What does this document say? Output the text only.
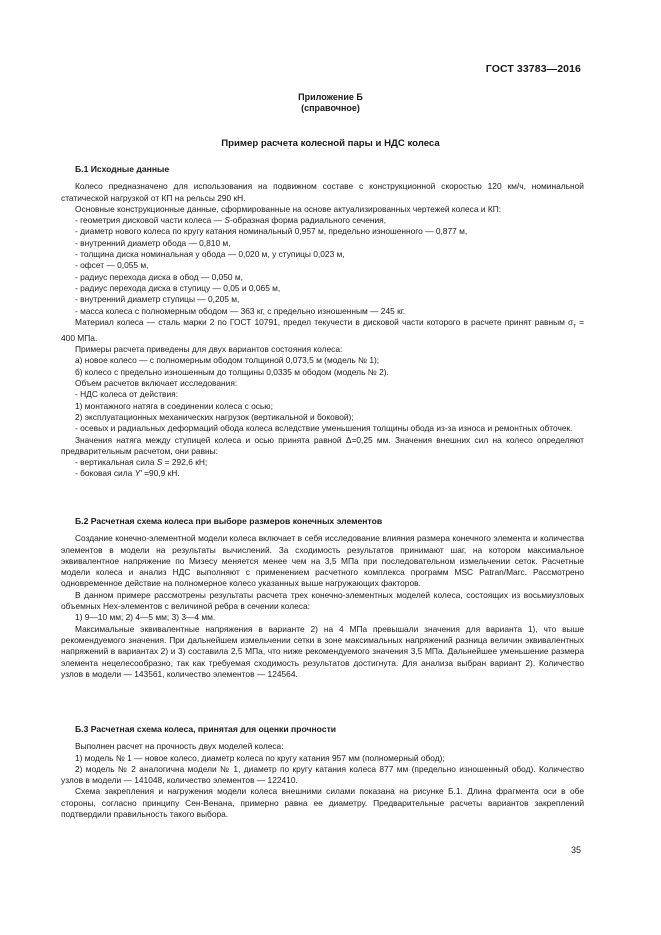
ГОСТ 33783—2016
Приложение Б
(справочное)
Пример расчета колесной пары и НДС колеса

Б.1 Исходные данные

Колесо предназначено для использования на подвижном составе с конструкционной скоростью 120 км/ч, номинальной статической нагрузкой от КП на рельсы 290 кН.

Основные конструкционные данные, сформированные на основе актуализированных чертежей колеса и КП:

- геометрия дисковой части колеса — S-образная форма радиального сечения,

- диаметр нового колеса по кругу катания номинальный 0,957 м, предельно изношенного — 0,877 м,

- внутренний диаметр обода — 0,810 м,

- толщина диска номинальная у обода — 0,020 м, у ступицы 0,023 м,

- офсет — 0,055 м,

- радиус перехода диска в обод — 0,050 м,

- радиус перехода диска в ступицу — 0,05 и 0,065 м,

- внутренний диаметр ступицы — 0,205 м,

- масса колеса с полномерным ободом — 363 кг, с предельно изношенным — 245 кг.

Материал колеса — сталь марки 2 по ГОСТ 10791, предел текучести в дисковой части которого в расчете принят равным $\sigma_т = 400$ МПа.

Примеры расчета приведены для двух вариантов состояния колеса:

а) новое колесо — с полномерным ободом толщиной 0,073,5 м (модель № 1);

б) колесо с предельно изношенным до толщины 0,0335 м ободом (модель № 2).

Объем расчетов включает исследования:

- НДС колеса от действия:

1) монтажного натяга в соединении колеса с осью;

2) эксплуатационных механических нагрузок (вертикальной и боковой);

- осевых и радиальных деформаций обода колеса вследствие уменьшения толщины обода из-за износа и ремонтных обточек.

Значения натяга между ступицей колеса и осью принята равной Δ=0,25 мм. Значения внешних сил на колесо определяют предварительным расчетом, они равны:

- вертикальная сила S = 292,6 кН;

- боковая сила Y' =90,9 кН.

Б.2 Расчетная схема колеса при выборе размеров конечных элементов

Создание конечно-элементной модели колеса включает в себя исследование влияния размера конечного элемента и количества элементов в модели на результаты вычислений. За сходимость результатов принимают шаг, на котором максимальное эквивалентное напряжение по Мизесу меняется менее чем на 3,5 МПа при последовательном измельчении сеток. Расчетные модели колеса и анализ НДС выполняют с применением расчетного комплекса программ MSC Patran/Marc. Рассмотрено одновременное действие на полномерное колесо указанных выше нагружающих факторов.

В данном примере рассмотрены результаты расчета трех конечно-элементных моделей колеса, состоящих из восьмиузловых объемных Hex-элементов с величиной ребра в сечении колеса:

1) 9—10 мм; 2) 4—5 мм; 3) 3—4 мм.

Максимальные эквивалентные напряжения в варианте 2) на 4 МПа превышали значения для варианта 1), что выше рекомендуемого значения. При дальнейшем измельчении сетки в зоне максимальных напряжений разница величин эквивалентных напряжений в вариантах 2) и 3) составила 2,5 МПа, что ниже рекомендуемого значения 3,5 МПа. Дальнейшее уменьшение размера элемента нецелесообразно, так как требуемая сходимость результатов достигнута. Для анализа выбран вариант 2). Количество узлов в модели — 143561, количество элементов — 124564.

Б.3 Расчетная схема колеса, принятая для оценки прочности

Выполнен расчет на прочность двух моделей колеса:

1) модель № 1 — новое колесо, диаметр колеса по кругу катания 957 мм (полномерный обод);

2) модель № 2 аналогична модели № 1, диаметр по кругу катания колеса 877 мм (предельно изношенный обод). Количество узлов в модели — 141048, количество элементов — 122410.

Схема закрепления и нагружения модели колеса внешними силами показана на рисунке Б.1. Длина фрагмента оси в обе стороны, согласно принципу Сен-Венана, примерно равна ее диаметру. Предварительные расчеты вариантов закреплений подтвердили правильность такого выбора.

35
